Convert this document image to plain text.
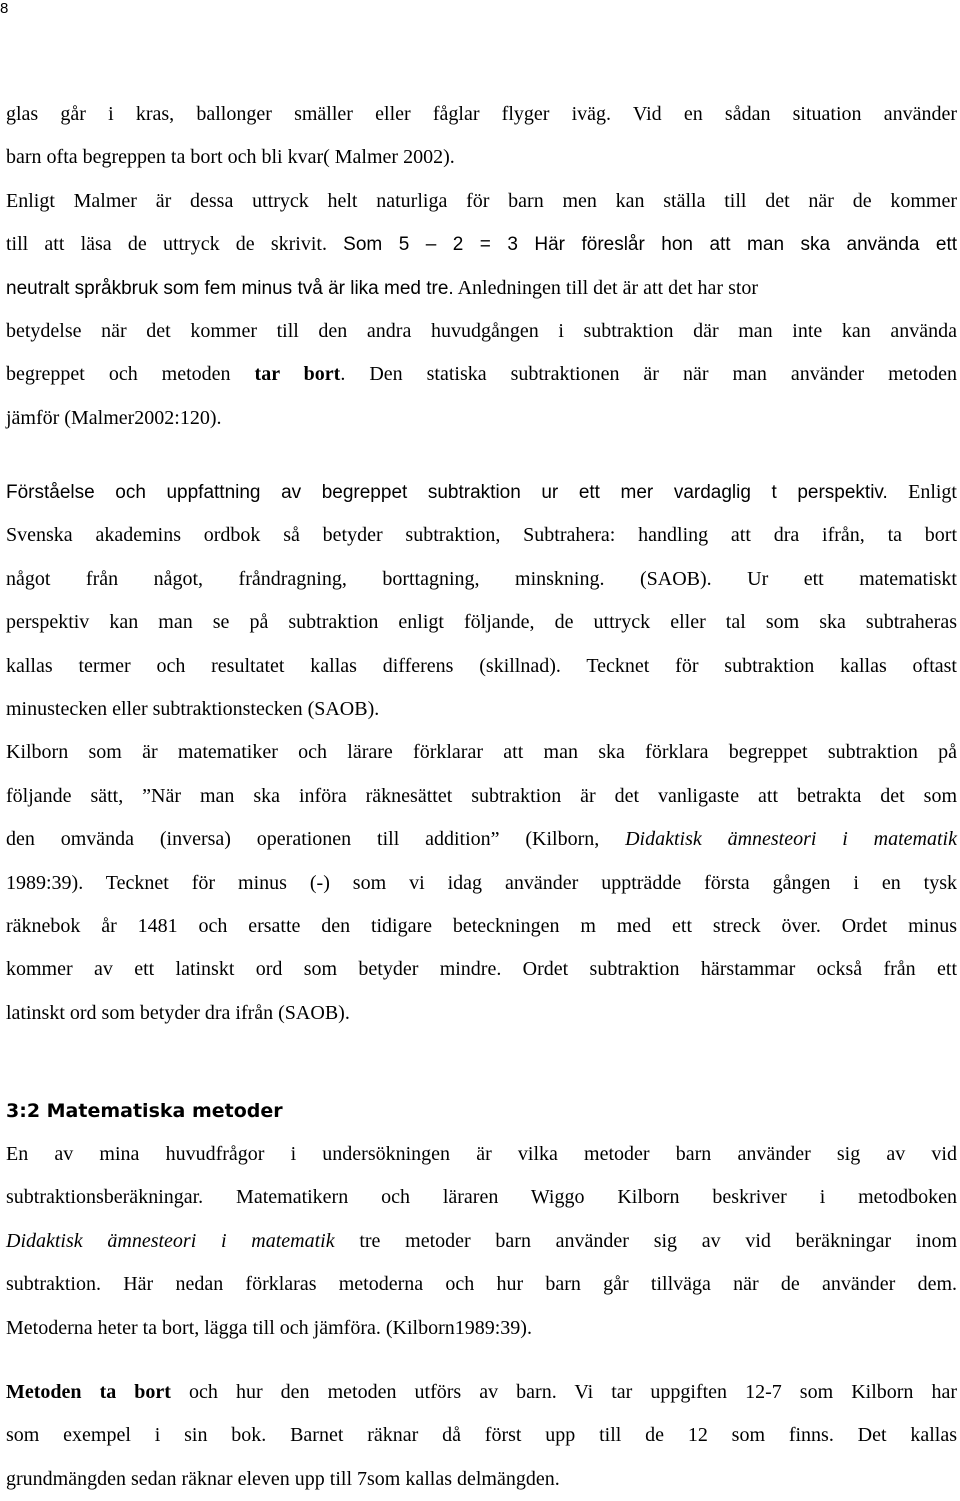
8
glas går i kras, ballonger smäller eller fåglar flyger iväg. Vid en sådan situation använder
barn ofta begreppen ta bort och bli kvar( Malmer 2002).
Enligt Malmer är dessa uttryck helt naturliga för barn men kan ställa till det när de kommer
till att läsa de uttryck de skrivit. Som 5 – 2 = 3 Här föreslår hon att man ska använda ett
neutralt språkbruk som fem minus två är lika med tre. Anledningen till det är att det har stor
betydelse när det kommer till den andra huvudgången i subtraktion där man inte kan använda
begreppet och metoden tar bort. Den statiska subtraktionen är när man använder metoden
jämför (Malmer2002:120).
Förståelse och uppfattning av begreppet subtraktion ur ett mer vardaglig t perspektiv. Enligt
Svenska akademins ordbok så betyder subtraktion, Subtrahera: handling att dra ifrån, ta bort
något från något, fråndragning, borttagning, minskning. (SAOB). Ur ett matematiskt
perspektiv kan man se på subtraktion enligt följande, de uttryck eller tal som ska subtraheras
kallas termer och resultatet kallas differens (skillnad). Tecknet för subtraktion kallas oftast
minustecken eller subtraktionstecken (SAOB).
Kilborn som är matematiker och lärare förklarar att man ska förklara begreppet subtraktion på
följande sätt, ”När man ska införa räknesättet subtraktion är det vanligaste att betrakta det som
den omvända (inversa) operationen till addition” (Kilborn, Didaktisk ämnesteori i matematik
1989:39). Tecknet för minus (-) som vi idag använder uppträdde första gången i en tysk
räknebok år 1481 och ersatte den tidigare beteckningen m med ett streck över. Ordet minus
kommer av ett latinskt ord som betyder mindre. Ordet subtraktion härstammar också från ett
latinskt ord som betyder dra ifrån (SAOB).
3:2 Matematiska metoder
En av mina huvudfrågor i undersökningen är vilka metoder barn använder sig av vid
subtraktionsberäkningar. Matematikern och läraren Wiggo Kilborn beskriver i metodboken
Didaktisk ämnesteori i matematik tre metoder barn använder sig av vid beräkningar inom
subtraktion. Här nedan förklaras metoderna och hur barn går tillväga när de använder dem.
Metoderna heter ta bort, lägga till och jämföra. (Kilborn1989:39).
Metoden ta bort och hur den metoden utförs av barn. Vi tar uppgiften 12-7 som Kilborn har
som exempel i sin bok. Barnet räknar då först upp till de 12 som finns. Det kallas
grundmängden sedan räknar eleven upp till 7som kallas delmängden.
